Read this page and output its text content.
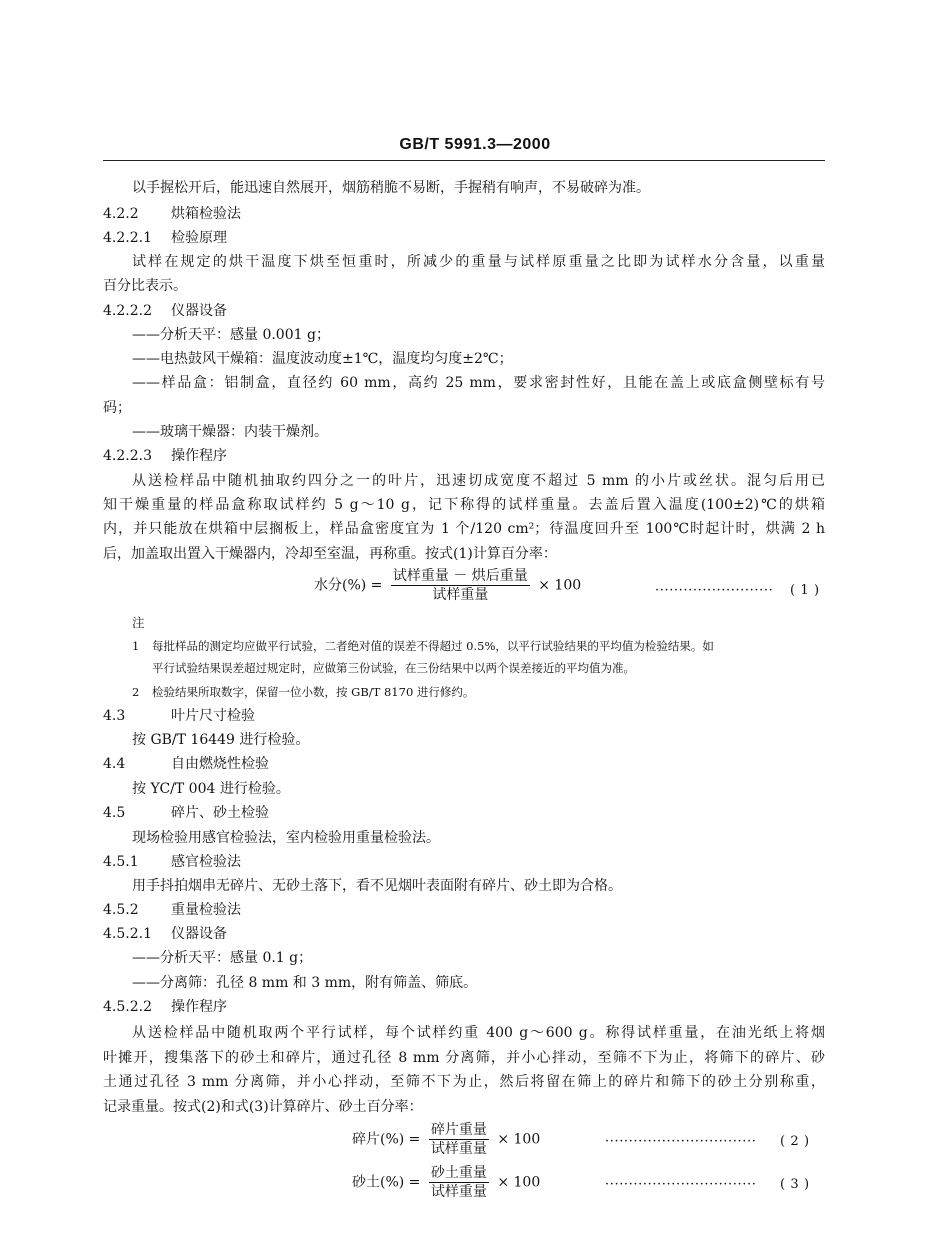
GB/T 5991.3—2000
以手握松开后，能迅速自然展开，烟筋稍脆不易断，手握稍有响声，不易破碎为准。
4.2.2 烘箱检验法
4.2.2.1 检验原理
试样在规定的烘干温度下烘至恒重时，所减少的重量与试样原重量之比即为试样水分含量，以重量
百分比表示。
4.2.2.2 仪器设备
——分析天平：感量 0.001 g；
——电热鼓风干燥箱：温度波动度±1℃，温度均匀度±2℃；
——样品盒：铝制盒，直径约 60 mm，高约 25 mm，要求密封性好，且能在盖上或底盒侧壁标有号
码；
——玻璃干燥器：内装干燥剂。
4.2.2.3 操作程序
从送检样品中随机抽取约四分之一的叶片，迅速切成宽度不超过 5 mm 的小片或丝状。混匀后用已
知干燥重量的样品盒称取试样约 5 g～10 g，记下称得的试样重量。去盖后置入温度(100±2)℃的烘箱
内，并只能放在烘箱中层搁板上，样品盒密度宜为 1 个/120 cm²；待温度回升至 100℃时起计时，烘满 2 h
后，加盖取出置入干燥器内，冷却至室温，再称重。按式(1)计算百分率：
水分(%) = $\frac{\text{试样重量 － 烘后重量}}{\text{试样重量}} \times 100$	························· ( 1 )
注
1 每批样品的测定均应做平行试验，二者绝对值的误差不得超过 0.5%，以平行试验结果的平均值为检验结果。如
平行试验结果误差超过规定时，应做第三份试验，在三份结果中以两个误差接近的平均值为准。
2 检验结果所取数字，保留一位小数，按 GB/T 8170 进行修约。
4.3	叶片尺寸检验
按 GB/T 16449 进行检验。
4.4	自由燃烧性检验
按 YC/T 004 进行检验。
4.5	碎片、砂土检验
现场检验用感官检验法，室内检验用重量检验法。
4.5.1 感官检验法
用手抖拍烟串无碎片、无砂土落下，看不见烟叶表面附有碎片、砂土即为合格。
4.5.2 重量检验法
4.5.2.1 仪器设备
——分析天平：感量 0.1 g；
——分离筛：孔径 8 mm 和 3 mm，附有筛盖、筛底。
4.5.2.2 操作程序
从送检样品中随机取两个平行试样，每个试样约重 400 g～600 g。称得试样重量，在油光纸上将烟
叶摊开，搜集落下的砂土和碎片，通过孔径 8 mm 分离筛，并小心拌动，至筛不下为止，将筛下的碎片、砂
土通过孔径 3 mm 分离筛，并小心拌动，至筛不下为止，然后将留在筛上的碎片和筛下的砂土分别称重，
记录重量。按式(2)和式(3)计算碎片、砂土百分率：
碎片(%) = $\frac{\text{碎片重量}}{\text{试样重量}} \times 100$	································ ( 2 )
砂土(%) = $\frac{\text{砂土重量}}{\text{试样重量}} \times 100$	································ ( 3 )
